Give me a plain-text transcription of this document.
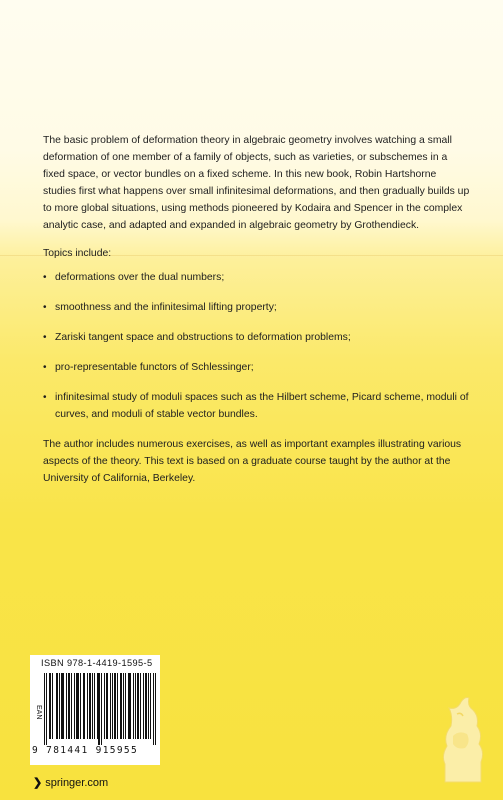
The basic problem of deformation theory in algebraic geometry involves watching a small deformation of one member of a family of objects, such as varieties, or subschemes in a fixed space, or vector bundles on a fixed scheme. In this new book, Robin Hartshorne studies first what happens over small infinitesimal deformations, and then gradually builds up to more global situations, using methods pioneered by Kodaira and Spencer in the complex analytic case, and adapted and expanded in algebraic geometry by Grothendieck.

Topics include:

• deformations over the dual numbers;
• smoothness and the infinitesimal lifting property;
• Zariski tangent space and obstructions to deformation problems;
• pro-representable functors of Schlessinger;
• infinitesimal study of moduli spaces such as the Hilbert scheme, Picard scheme, moduli of curves, and moduli of stable vector bundles.

The author includes numerous exercises, as well as important examples illustrating various aspects of the theory. This text is based on a graduate course taught by the author at the University of California, Berkeley.

ISBN 978-1-4419-1595-5
EAN
9 781441 915955
❯ springer.com
